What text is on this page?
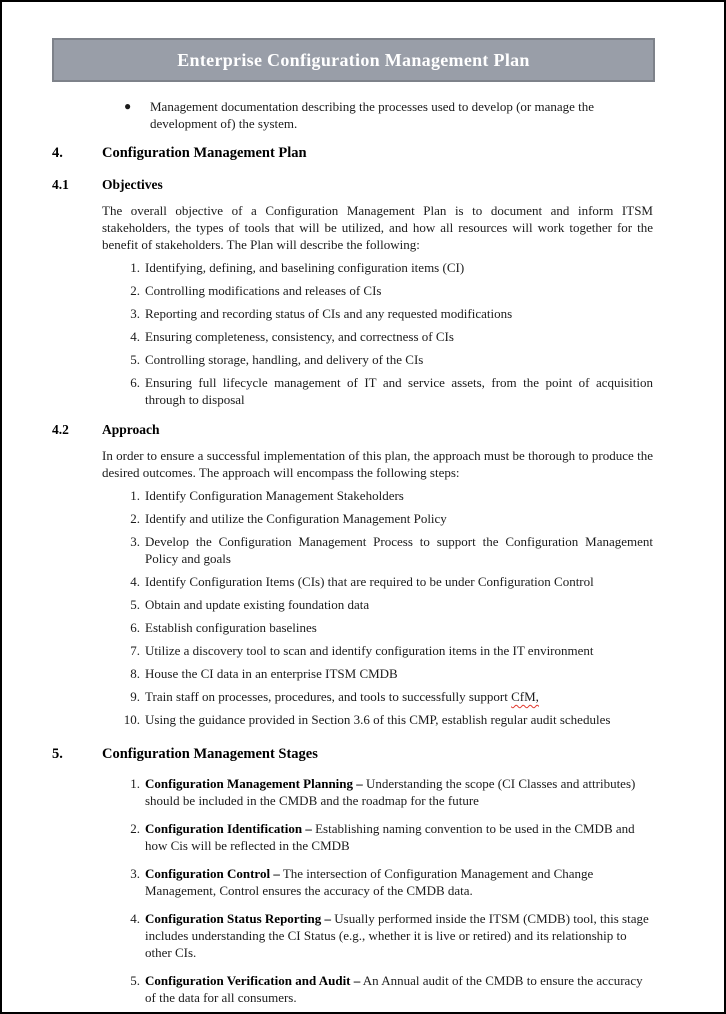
Enterprise Configuration Management Plan
●	Management documentation describing the processes used to develop (or manage the development of) the system.
4.	Configuration Management Plan
4.1	Objectives
The overall objective of a Configuration Management Plan is to document and inform ITSM stakeholders, the types of tools that will be utilized, and how all resources will work together for the benefit of stakeholders. The Plan will describe the following:
1. Identifying, defining, and baselining configuration items (CI)
2. Controlling modifications and releases of CIs
3. Reporting and recording status of CIs and any requested modifications
4. Ensuring completeness, consistency, and correctness of CIs
5. Controlling storage, handling, and delivery of the CIs
6. Ensuring full lifecycle management of IT and service assets, from the point of acquisition through to disposal
4.2	Approach
In order to ensure a successful implementation of this plan, the approach must be thorough to produce the desired outcomes. The approach will encompass the following steps:
1. Identify Configuration Management Stakeholders
2. Identify and utilize the Configuration Management Policy
3. Develop the Configuration Management Process to support the Configuration Management Policy and goals
4. Identify Configuration Items (CIs) that are required to be under Configuration Control
5. Obtain and update existing foundation data
6. Establish configuration baselines
7. Utilize a discovery tool to scan and identify configuration items in the IT environment
8. House the CI data in an enterprise ITSM CMDB
9. Train staff on processes, procedures, and tools to successfully support CfM,
10. Using the guidance provided in Section 3.6 of this CMP, establish regular audit schedules
5.	Configuration Management Stages
1. Configuration Management Planning – Understanding the scope (CI Classes and attributes) should be included in the CMDB and the roadmap for the future
2. Configuration Identification – Establishing naming convention to be used in the CMDB and how Cis will be reflected in the CMDB
3. Configuration Control – The intersection of Configuration Management and Change Management, Control ensures the accuracy of the CMDB data.
4. Configuration Status Reporting – Usually performed inside the ITSM (CMDB) tool, this stage includes understanding the CI Status (e.g., whether it is live or retired) and its relationship to other CIs.
5. Configuration Verification and Audit – An Annual audit of the CMDB to ensure the accuracy of the data for all consumers.
